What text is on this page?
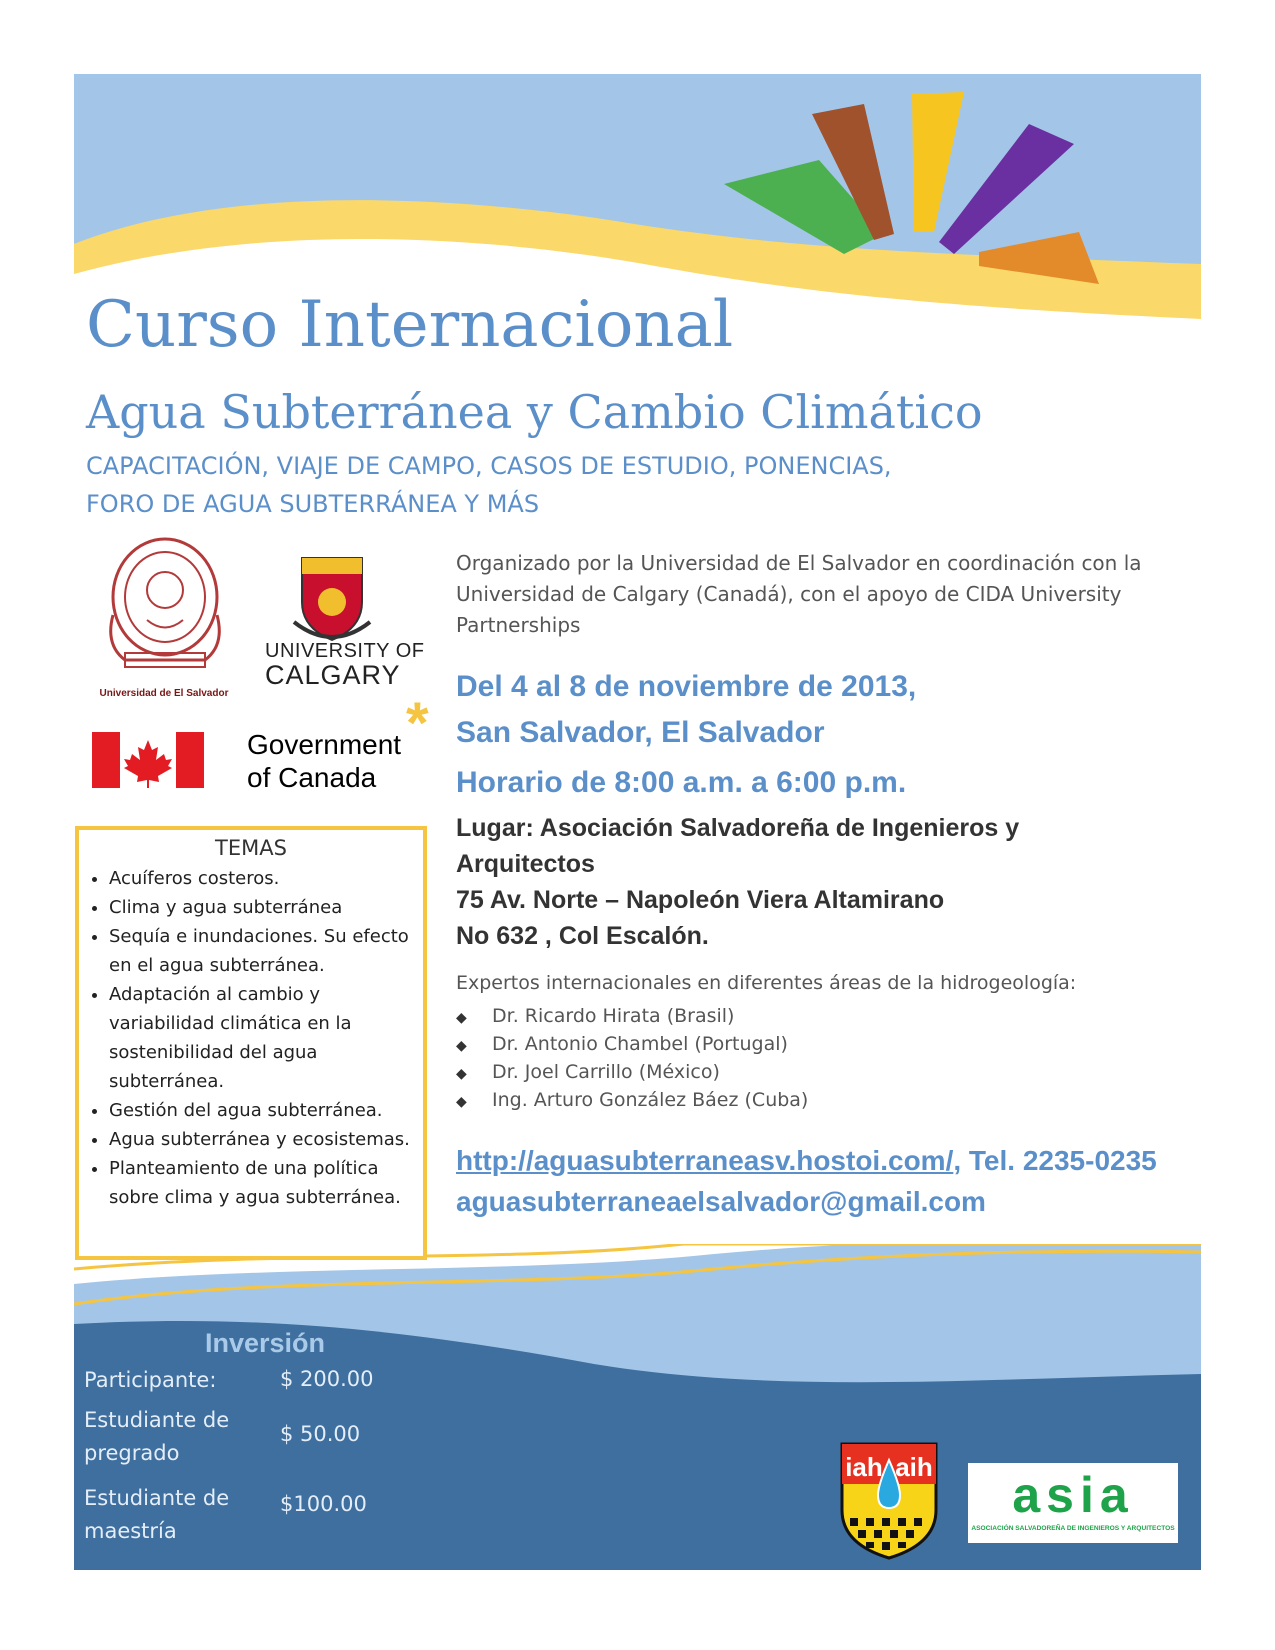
Curso Internacional
Agua Subterránea y Cambio Climático
CAPACITACIÓN, VIAJE DE CAMPO, CASOS DE ESTUDIO, PONENCIAS,
FORO DE AGUA SUBTERRÁNEA Y MÁS
Universidad de El Salvador
UNIVERSITY OF
CALGARY
Government
of Canada
*

Organizado por la Universidad de El Salvador en coordinación con la Universidad de Calgary (Canadá), con el apoyo de CIDA University Partnerships

Del 4 al 8 de noviembre de 2013,
San Salvador, El Salvador
Horario de 8:00 a.m. a 6:00 p.m.
Lugar: Asociación Salvadoreña de Ingenieros y
Arquitectos
75 Av. Norte – Napoleón Viera Altamirano
No 632 , Col Escalón.
Expertos internacionales en diferentes áreas de la hidrogeología:
◆ Dr. Ricardo Hirata (Brasil)
◆ Dr. Antonio Chambel (Portugal)
◆ Dr. Joel Carrillo (México)
◆ Ing. Arturo González Báez (Cuba)
http://aguasubterraneasv.hostoi.com/, Tel. 2235-0235
aguasubterraneaelsalvador@gmail.com
TEMAS
• Acuíferos costeros.
• Clima y agua subterránea
• Sequía e inundaciones. Su efecto en el agua subterránea.
• Adaptación al cambio y variabilidad climática en la sostenibilidad del agua subterránea.
• Gestión del agua subterránea.
• Agua subterránea y ecosistemas.
• Planteamiento de una política sobre clima y agua subterránea.
Inversión
Participante:	$ 200.00
Estudiante de pregrado
$ 50.00
Estudiante de maestría
$100.00
iah aih	asia
ASOCIACIÓN SALVADOREÑA DE INGENIEROS Y ARQUITECTOS
